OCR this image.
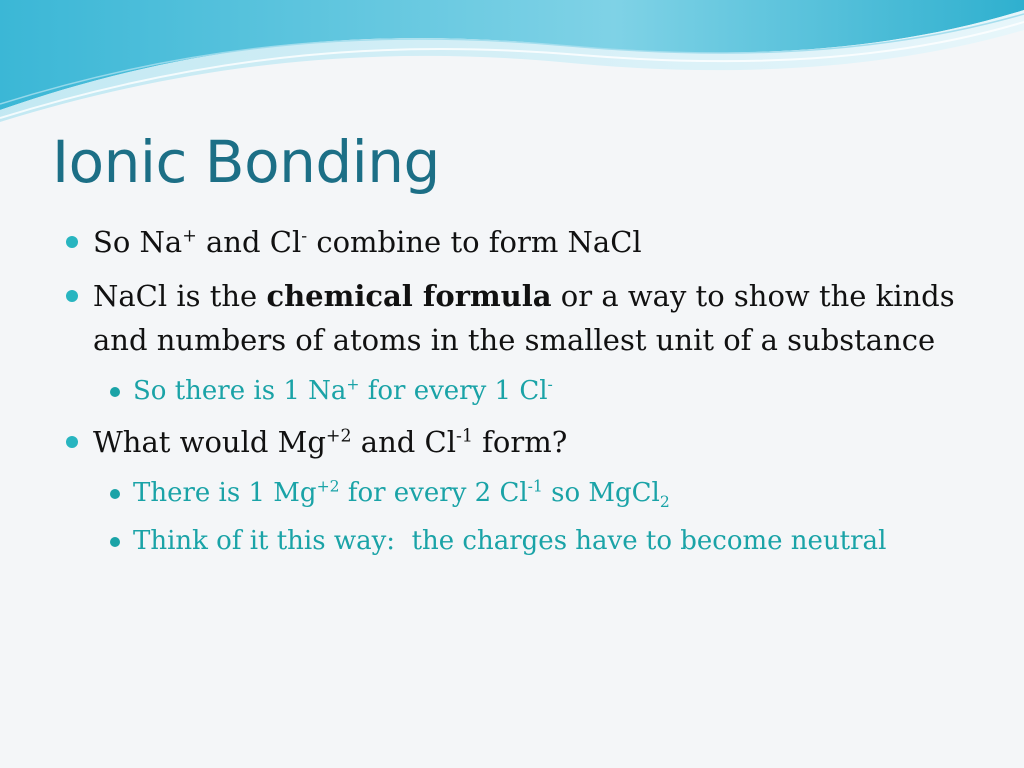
Ionic Bonding
So Na+ and Cl- combine to form NaCl
NaCl is the chemical formula or a way to show the kinds and numbers of atoms in the smallest unit of a substance
So there is 1 Na+ for every 1 Cl-
What would $Mg^{+2}$ and $Cl^{-1}$ form?
There is 1 $Mg^{+2}$ for every 2 $Cl^{-1}$ so MgCl$_2$
Think of it this way:  the charges have to become neutral
